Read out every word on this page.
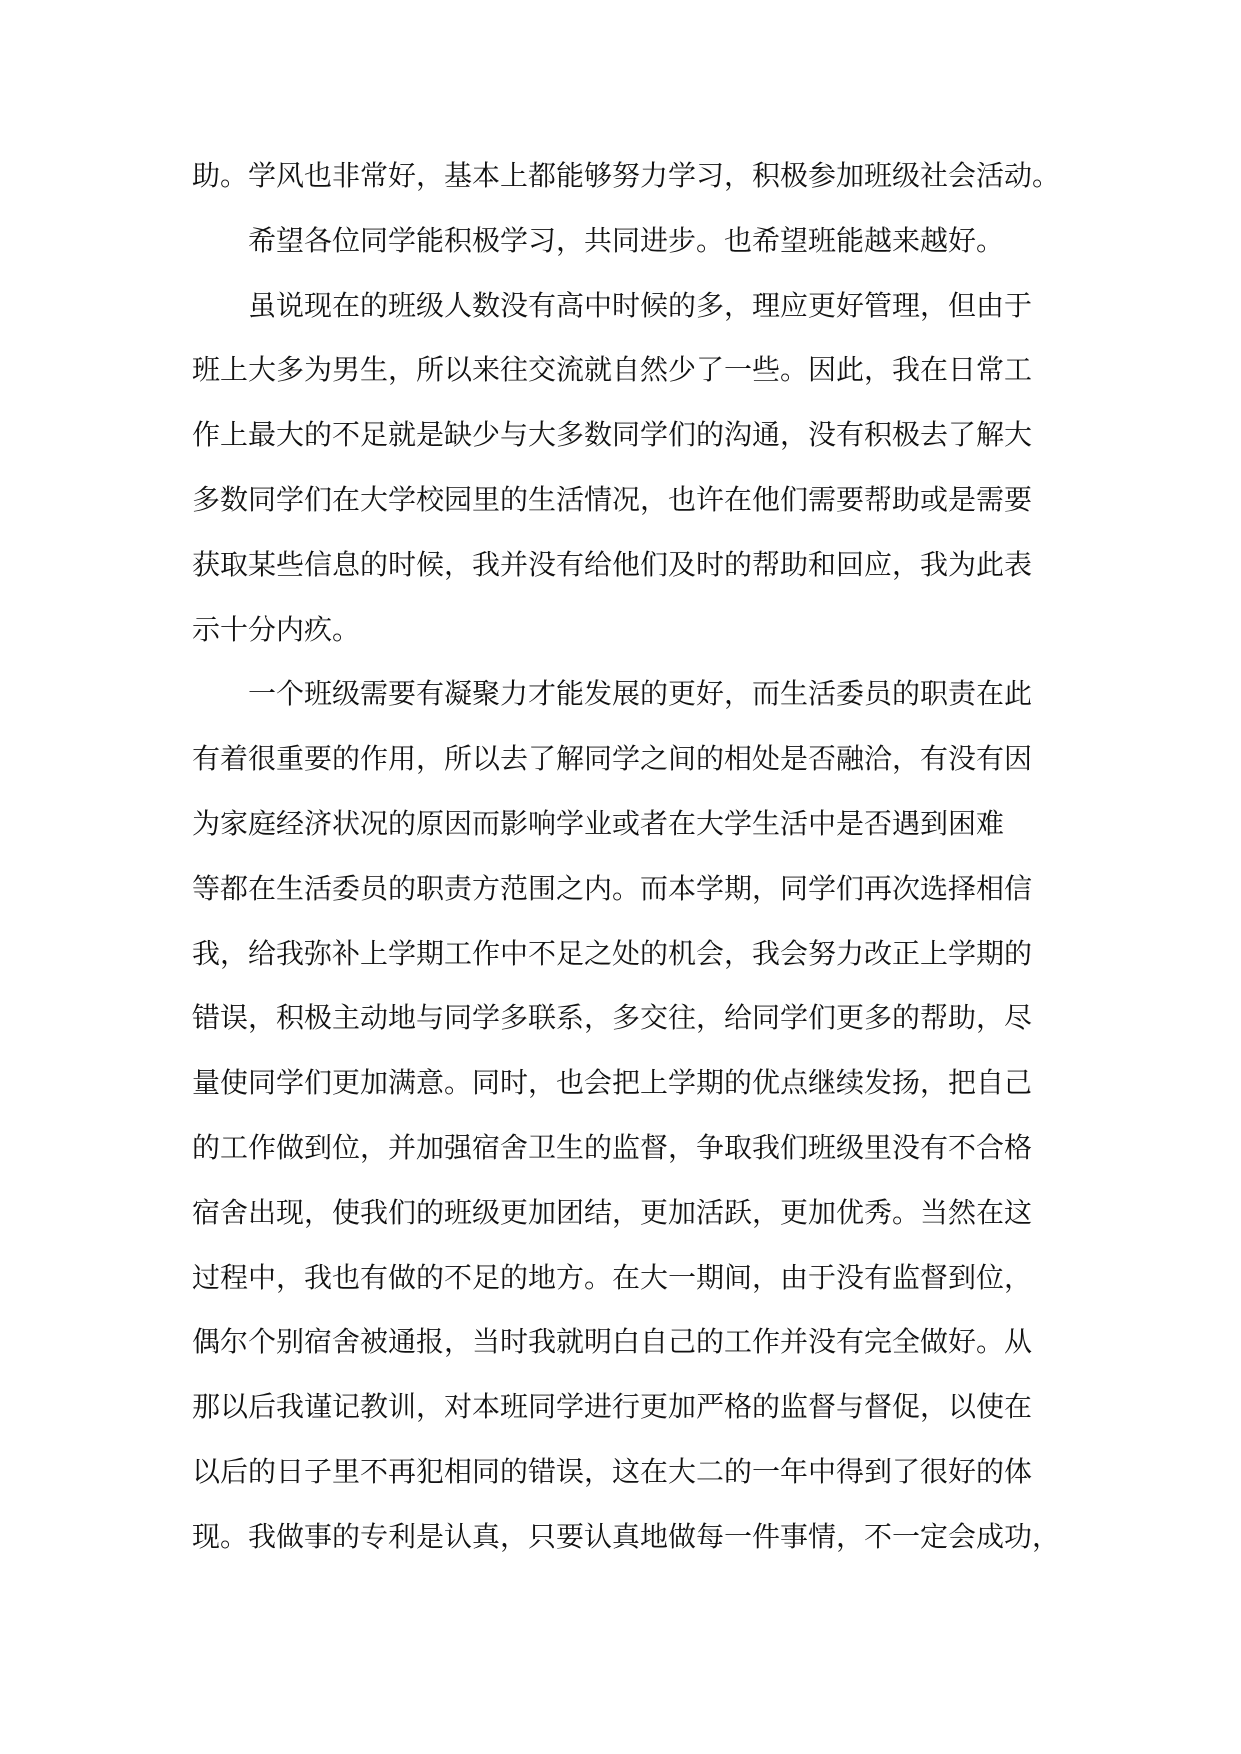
助。学风也非常好，基本上都能够努力学习，积极参加班级社会活动。
希望各位同学能积极学习，共同进步。也希望班能越来越好。
虽说现在的班级人数没有高中时候的多，理应更好管理，但由于
班上大多为男生，所以来往交流就自然少了一些。因此，我在日常工
作上最大的不足就是缺少与大多数同学们的沟通，没有积极去了解大
多数同学们在大学校园里的生活情况，也许在他们需要帮助或是需要
获取某些信息的时候，我并没有给他们及时的帮助和回应，我为此表
示十分内疚。
一个班级需要有凝聚力才能发展的更好，而生活委员的职责在此
有着很重要的作用，所以去了解同学之间的相处是否融洽，有没有因
为家庭经济状况的原因而影响学业或者在大学生活中是否遇到困难
等都在生活委员的职责方范围之内。而本学期，同学们再次选择相信
我，给我弥补上学期工作中不足之处的机会，我会努力改正上学期的
错误，积极主动地与同学多联系，多交往，给同学们更多的帮助，尽
量使同学们更加满意。同时，也会把上学期的优点继续发扬，把自己
的工作做到位，并加强宿舍卫生的监督，争取我们班级里没有不合格
宿舍出现，使我们的班级更加团结，更加活跃，更加优秀。当然在这
过程中，我也有做的不足的地方。在大一期间，由于没有监督到位，
偶尔个别宿舍被通报，当时我就明白自己的工作并没有完全做好。从
那以后我谨记教训，对本班同学进行更加严格的监督与督促，以使在
以后的日子里不再犯相同的错误，这在大二的一年中得到了很好的体
现。我做事的专利是认真，只要认真地做每一件事情，不一定会成功，
